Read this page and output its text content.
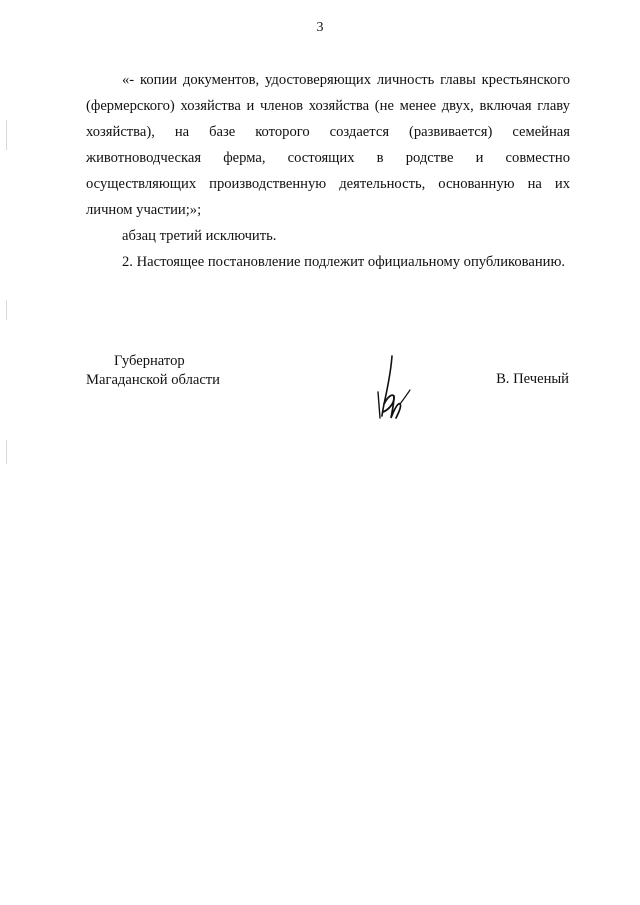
3

«- копии документов, удостоверяющих личность главы крестьянского (фермерского) хозяйства и членов хозяйства (не менее двух, включая главу хозяйства), на базе которого создается (развивается) семейная животноводческая ферма, состоящих в родстве и совместно осуществляющих производственную деятельность, основанную на их личном участии;»;

абзац третий исключить.

2. Настоящее постановление подлежит официальному опубликованию.

Губернатор
Магаданской области	В. Печеный
